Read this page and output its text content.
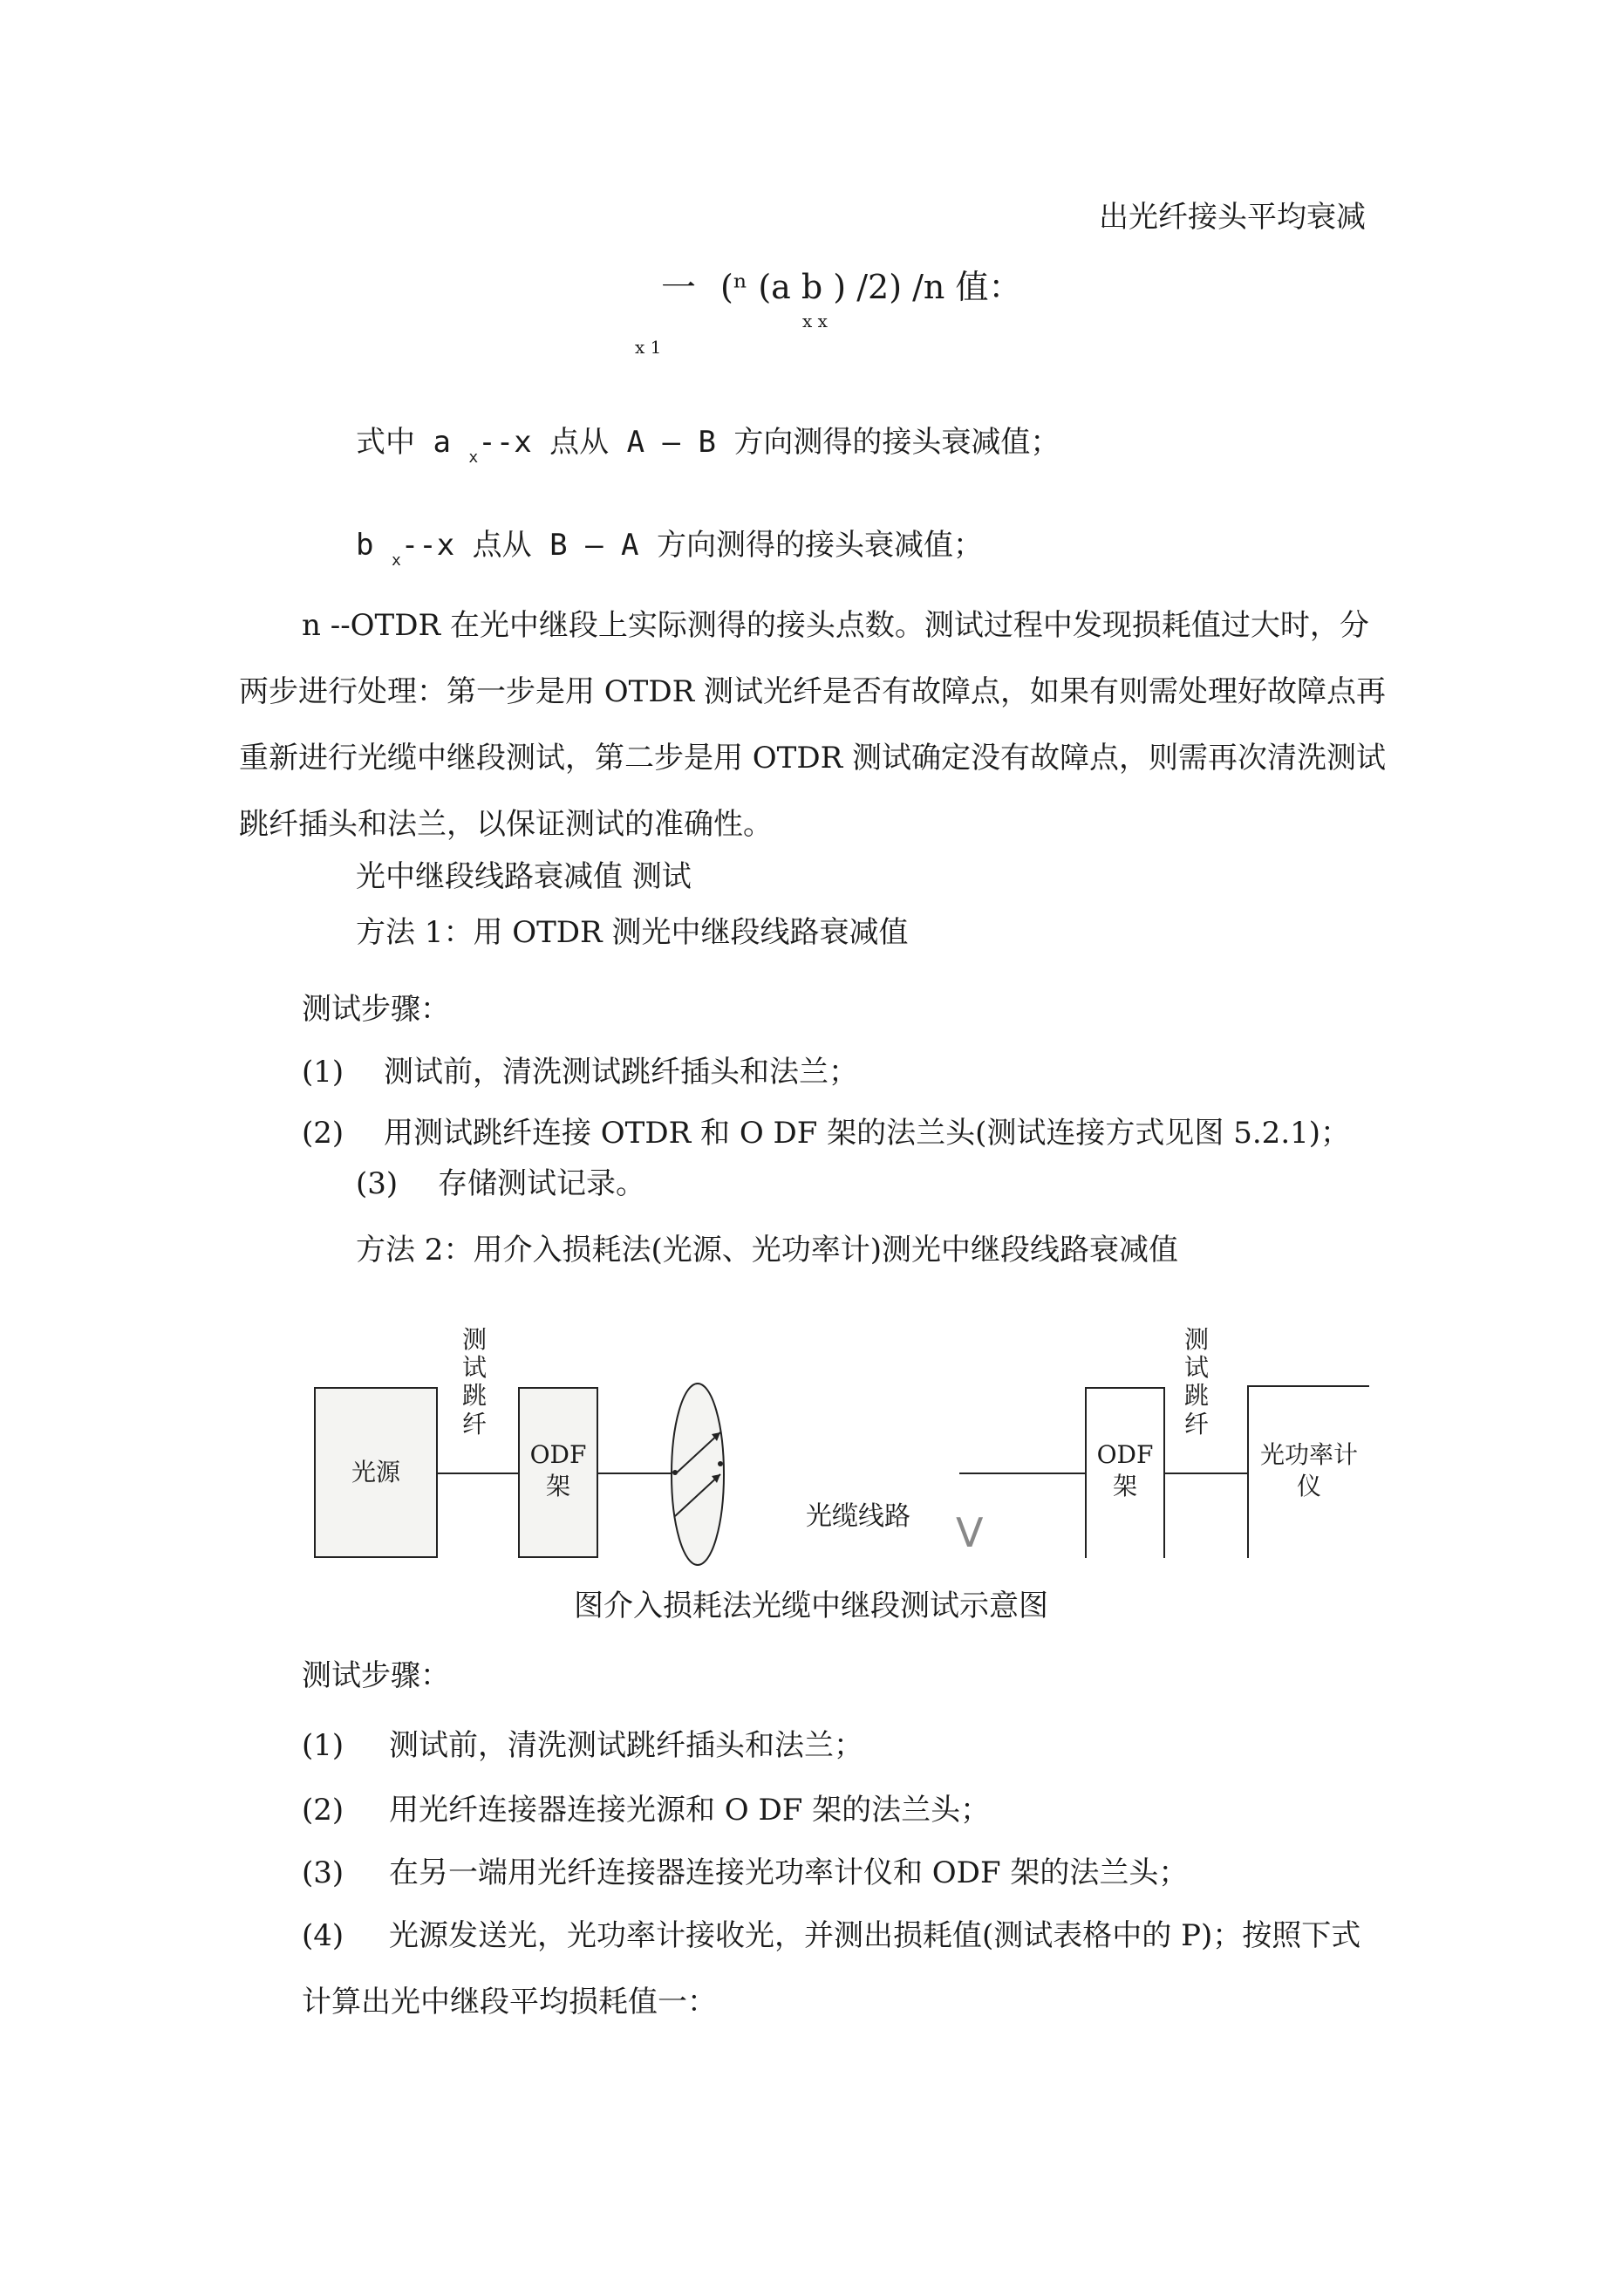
出光纤接头平均衰减
一 (ⁿ (a b ) /2) /n 值：
x x
x 1
式中 a $_x$--x 点从 A — B 方向测得的接头衰减值；
b $_x$--x 点从 B — A 方向测得的接头衰减值；
n --OTDR 在光中继段上实际测得的接头点数。测试过程中发现损耗值过大时，分
两步进行处理：第一步是用 OTDR 测试光纤是否有故障点，如果有则需处理好故障点再重新进行光缆中继段测试，第二步是用 OTDR 测试确定没有故障点，则需再次清洗测试跳纤插头和法兰，以保证测试的准确性。
光中继段线路衰减值 测试
方法 1：用 OTDR 测光中继段线路衰减值
测试步骤：
(1) 测试前，清洗测试跳纤插头和法兰；
(2) 用测试跳纤连接 OTDR 和 O DF 架的法兰头(测试连接方式见图 5.2.1)；
(3) 存储测试记录。
方法 2：用介入损耗法(光源、光功率计)测光中继段线路衰减值
测试跳纤
光源
ODF 架
光缆线路 V
ODF 架
测试跳纤
光功率计仪
图介入损耗法光缆中继段测试示意图
测试步骤：
(1) 测试前，清洗测试跳纤插头和法兰；
(2) 用光纤连接器连接光源和 O DF 架的法兰头；
(3) 在另一端用光纤连接器连接光功率计仪和 ODF 架的法兰头；
(4) 光源发送光，光功率计接收光，并测出损耗值(测试表格中的 P)；按照下式
计算出光中继段平均损耗值一：
